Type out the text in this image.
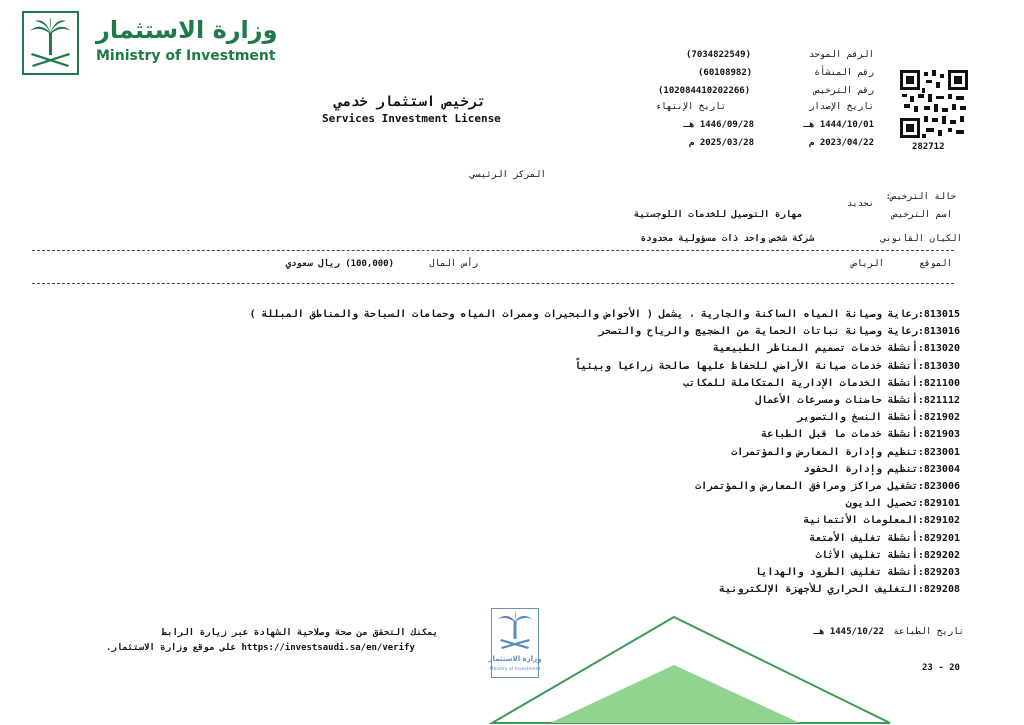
وزارة الاستثمار
Ministry of Investment
ترخيص استثمار خدمي
Services Investment License
الرقم الموحد
(7034822549)
رقم المنشأة
(60108982)
رقم الترخيص
(102084410202266)
تاريخ الإصدار
تاريخ الإنتهاء
1444/10/01 هـ
1446/09/28 هـ
2023/04/22 م
2025/03/28 م	282712
المركز الرئيسي
حالة الترخيص:
تجديد
اسم الترخيص
مهارة التوصيل للخدمات اللوجستية
الكيان القانوني
شركة شخص واحد ذات مسؤولية محدودة
الموقع
الرياض
رأس المال
(100,000) ريال سعودي
813015:رعاية وصيانة المياه الساكنة والجارية ، يشمل ( الأحواض والبحيرات وممرات المياه وحمامات السباحة والمناطق المبللة )
813016:رعاية وصيانة نباتات الحماية من الضجيج والرياح والتصحر
813020:أنشطة خدمات تصميم المناظر الطبيعية
813030:أنشطة خدمات صيانة الأراضي للحفاظ عليها صالحة زراعيا وبيئياً
821100:أنشطة الخدمات الإدارية المتكاملة للمكاتب
821112:أنشطة حاضنات ومسرعات الأعمال
821902:أنشطة النسخ والتصوير
821903:أنشطة خدمات ما قبل الطباعة
823001:تنظيم وإدارة المعارض والمؤتمرات
823004:تنظيم وإدارة الحفود
823006:تشغيل مراكز ومرافق المعارض والمؤتمرات
829101:تحصيل الديون
829102:المعلومات الأئتمانية
829201:أنشطة تغليف الأمتعة
829202:أنشطة تغليف الأثاث
829203:أنشطة تغليف الطرود والهدايا
829208:التغليف الحراري للأجهزة الإلكترونية
يمكنك التحقق من صحة وصلاحية الشهادة عبر زيارة الرابط
على موقع وزارة الاستثمار. https://investsaudi.sa/en/verify
تاريخ الطباعة
1445/10/22 هـ
23 - 20
وزارة الاستثمار
Ministry of Investment
